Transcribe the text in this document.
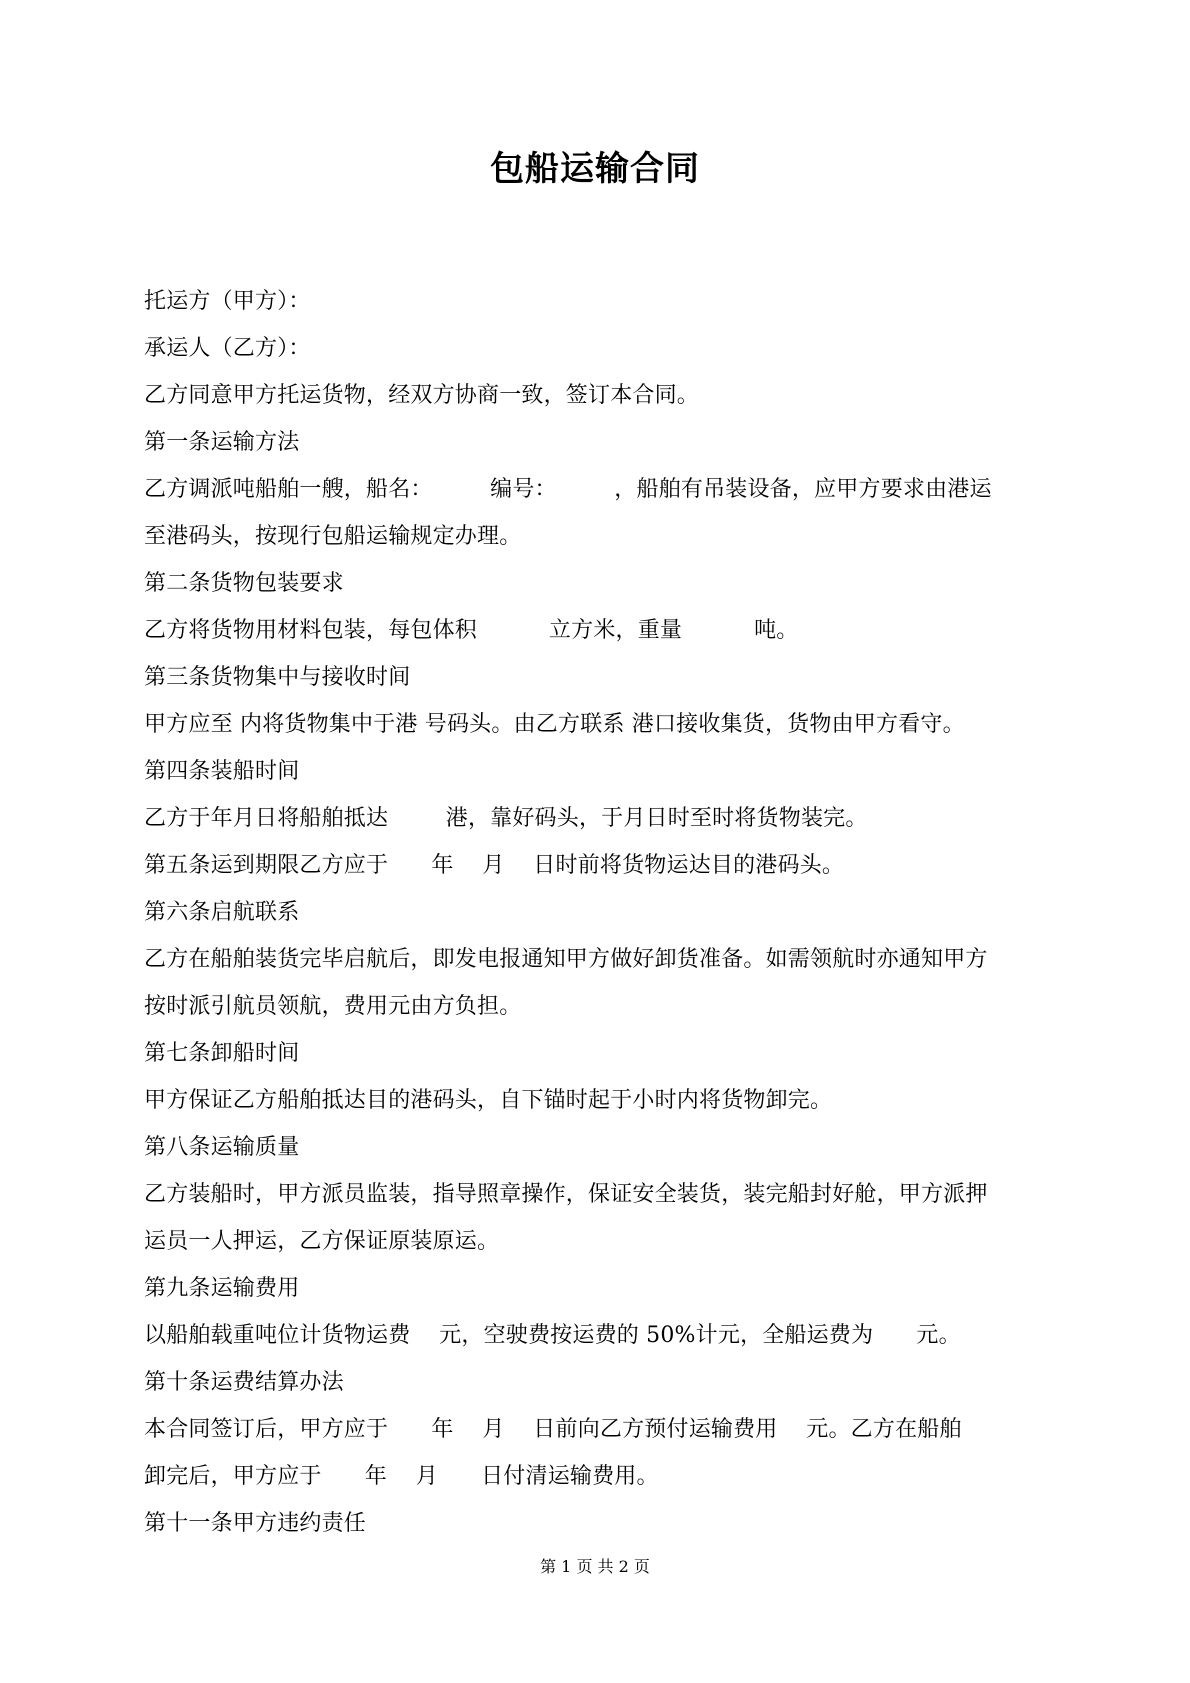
包船运输合同
托运方（甲方）：
承运人（乙方）：
乙方同意甲方托运货物，经双方协商一致，签订本合同。
第一条运输方法
乙方调派吨船舶一艘，船名：        编号：        ，船舶有吊装设备，应甲方要求由港运
至港码头，按现行包船运输规定办理。
第二条货物包装要求
乙方将货物用材料包装，每包体积          立方米，重量          吨。
第三条货物集中与接收时间
甲方应至 内将货物集中于港 号码头。由乙方联系 港口接收集货，货物由甲方看守。
第四条装船时间
乙方于年月日将船舶抵达        港，靠好码头，于月日时至时将货物装完。
第五条运到期限乙方应于      年    月    日时前将货物运达目的港码头。
第六条启航联系
乙方在船舶装货完毕启航后，即发电报通知甲方做好卸货准备。如需领航时亦通知甲方
按时派引航员领航，费用元由方负担。
第七条卸船时间
甲方保证乙方船舶抵达目的港码头，自下锚时起于小时内将货物卸完。
第八条运输质量
乙方装船时，甲方派员监装，指导照章操作，保证安全装货，装完船封好舱，甲方派押
运员一人押运，乙方保证原装原运。
第九条运输费用
以船舶载重吨位计货物运费    元，空驶费按运费的 50%计元，全船运费为      元。
第十条运费结算办法
本合同签订后，甲方应于      年    月    日前向乙方预付运输费用    元。乙方在船舶
卸完后，甲方应于      年    月      日付清运输费用。
第十一条甲方违约责任
第 1 页 共 2 页
